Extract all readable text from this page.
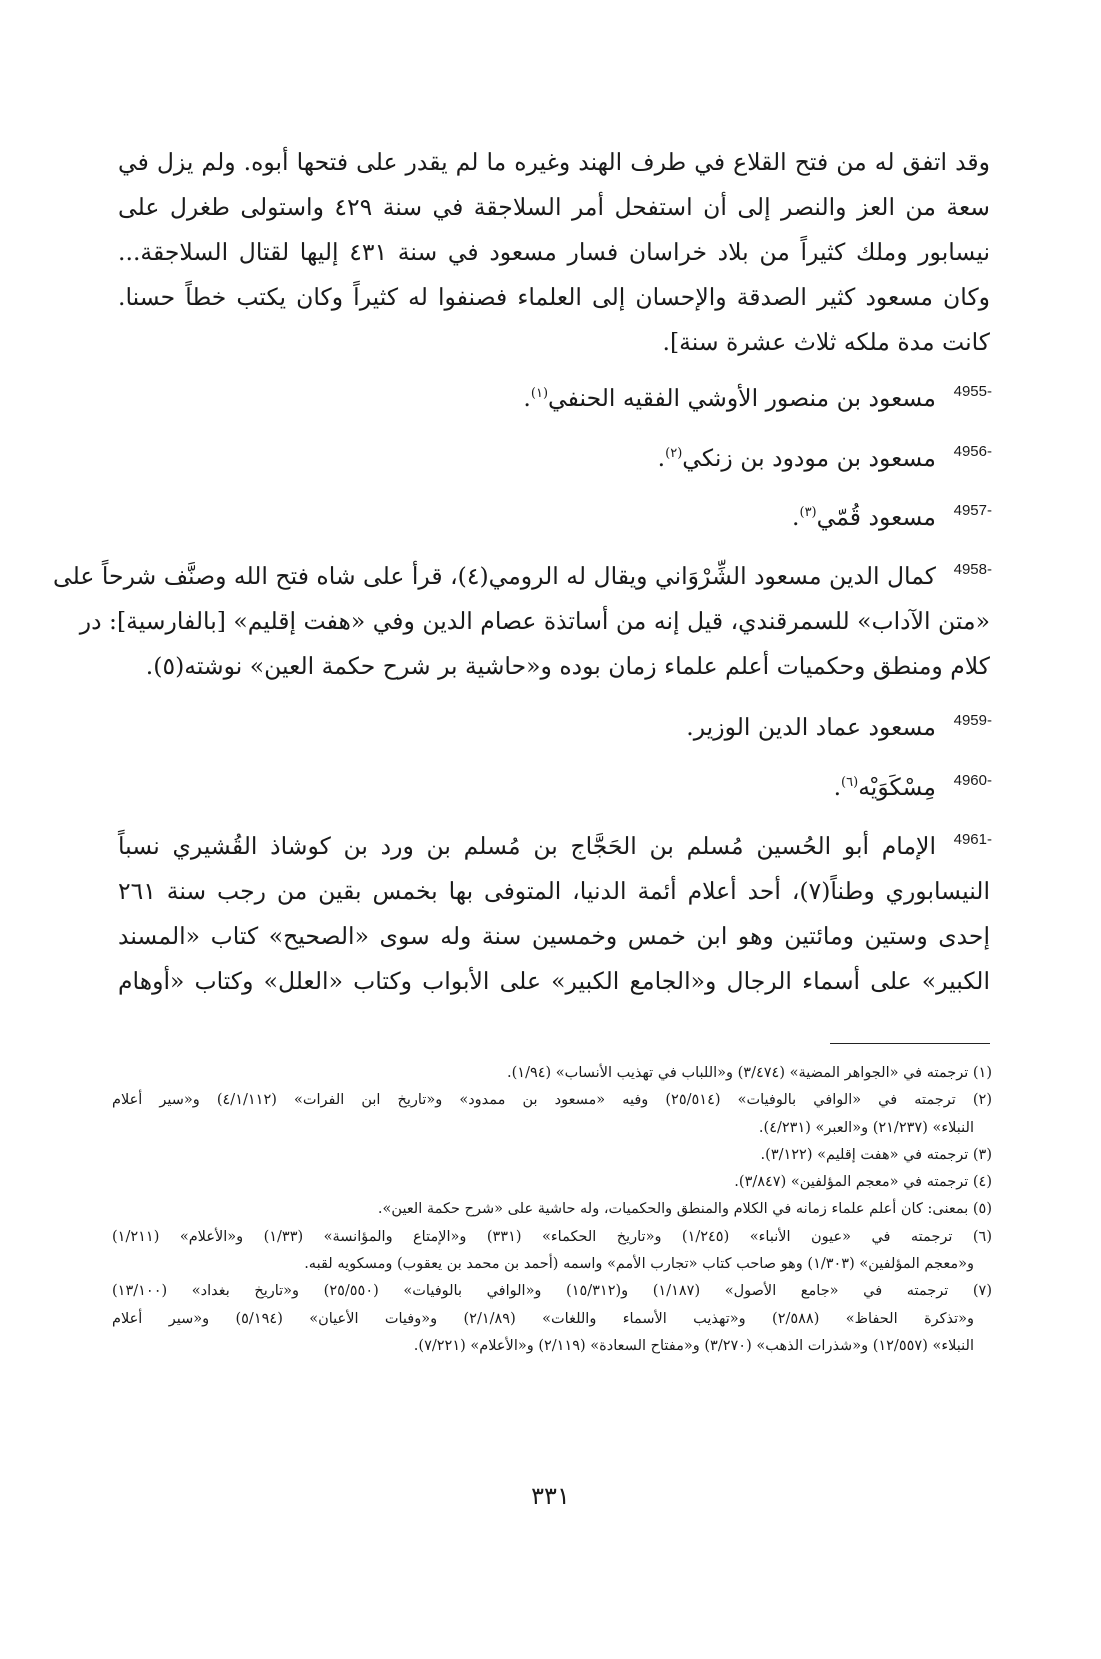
وقد اتفق له من فتح القلاع في طرف الهند وغيره ما لم يقدر على فتحها أبوه. ولم يزل في
سعة من العز والنصر إلى أن استفحل أمر السلاجقة في سنة ٤٢٩ واستولى طغرل على
نيسابور وملك كثيراً من بلاد خراسان فسار مسعود في سنة ٤٣١ إليها لقتال السلاجقة...
وكان مسعود كثير الصدقة والإحسان إلى العلماء فصنفوا له كثيراً وكان يكتب خطاً حسنا.
كانت مدة ملكه ثلاث عشرة سنة].
4955-
مسعود بن منصور الأوشي الفقيه الحنفي$^{(١)}$.
4956-
مسعود بن مودود بن زنكي$^{(٢)}$.
4957-
مسعود قُمّي$^{(٣)}$.
4958-
كمال الدين مسعود الشِّرْوَاني ويقال له الرومي(٤)، قرأ على شاه فتح الله وصنَّف شرحاً على
«متن الآداب» للسمرقندي، قيل إنه من أساتذة عصام الدين وفي «هفت إقليم» [بالفارسية]: در
كلام ومنطق وحكميات أعلم علماء زمان بوده و«حاشية بر شرح حكمة العين» نوشته(٥).
4959-
مسعود عماد الدين الوزير.
4960-
مِسْكَوَيْه$^{(٦)}$.
4961-
الإمام أبو الحُسين مُسلم بن الحَجَّاج بن مُسلم بن ورد بن كوشاذ القُشيري نسباً
النيسابوري وطناً(٧)، أحد أعلام أئمة الدنيا، المتوفى بها بخمس بقين من رجب سنة ٢٦١
إحدى وستين ومائتين وهو ابن خمس وخمسين سنة وله سوى «الصحيح» كتاب «المسند
الكبير» على أسماء الرجال و«الجامع الكبير» على الأبواب وكتاب «العلل» وكتاب «أوهام
(١) ترجمته في «الجواهر المضية» (٣/٤٧٤) و«اللباب في تهذيب الأنساب» (١/٩٤).
(٢) ترجمته في «الوافي بالوفيات» (٢٥/٥١٤) وفيه «مسعود بن ممدود» و«تاريخ ابن الفرات» (٤/١/١١٢) و«سير أعلام
النبلاء» (٢١/٢٣٧) و«العبر» (٤/٢٣١).
(٣) ترجمته في «هفت إقليم» (٣/١٢٢).
(٤) ترجمته في «معجم المؤلفين» (٣/٨٤٧).
(٥) بمعنى: كان أعلم علماء زمانه في الكلام والمنطق والحكميات، وله حاشية على «شرح حكمة العين».
(٦) ترجمته في «عيون الأنباء» (١/٢٤٥) و«تاريخ الحكماء» (٣٣١) و«الإمتاع والمؤانسة» (١/٣٣) و«الأعلام» (١/٢١١)
و«معجم المؤلفين» (١/٣٠٣) وهو صاحب كتاب «تجارب الأمم» واسمه (أحمد بن محمد بن يعقوب) ومسكويه لقبه.
(٧) ترجمته في «جامع الأصول» (١/١٨٧) و(١٥/٣١٢) و«الوافي بالوفيات» (٢٥/٥٥٠) و«تاريخ بغداد» (١٣/١٠٠)
و«تذكرة الحفاظ» (٢/٥٨٨) و«تهذيب الأسماء واللغات» (٢/١/٨٩) و«وفيات الأعيان» (٥/١٩٤) و«سير أعلام
النبلاء» (١٢/٥٥٧) و«شذرات الذهب» (٣/٢٧٠) و«مفتاح السعادة» (٢/١١٩) و«الأعلام» (٧/٢٢١).
٣٣١
